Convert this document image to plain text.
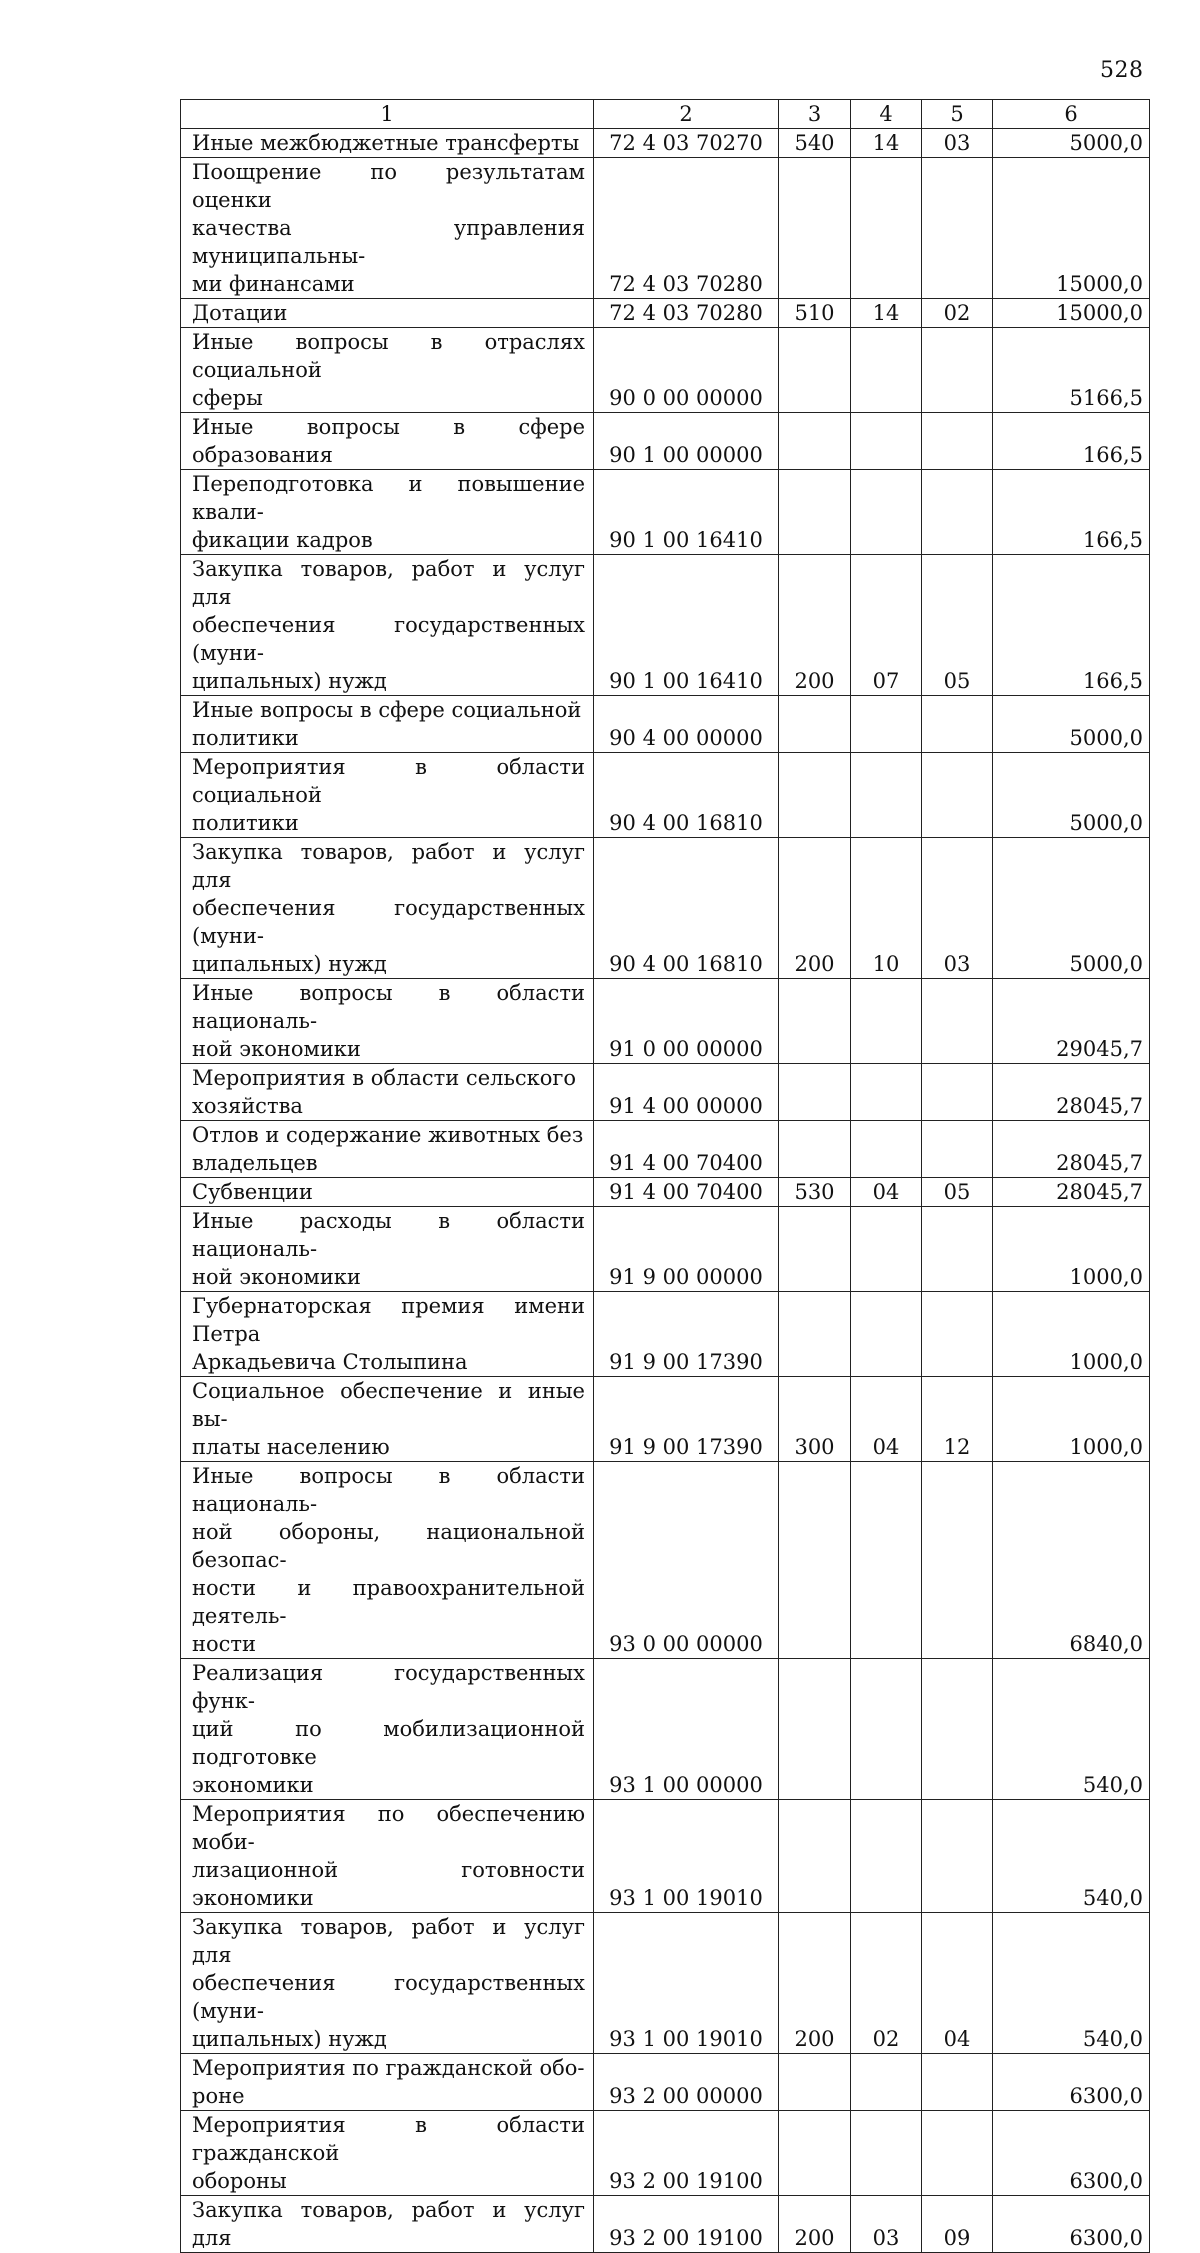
528
1	2	3	4	5	6

Иные межбюджетные трансферты	72 4 03 70270	540	14	03	5000,0

Поощрение по результатам оценки
качества управления муниципальны-
ми финансами	72 4 03 70280				15000,0

Дотации	72 4 03 70280	510	14	02	15000,0

Иные вопросы в отраслях социальной
сферы	90 0 00 00000				5166,5

Иные вопросы в сфере образования	90 1 00 00000				166,5

Переподготовка и повышение квали-
фикации кадров	90 1 00 16410				166,5

Закупка товаров, работ и услуг для
обеспечения государственных (муни-
ципальных) нужд	90 1 00 16410	200	07	05	166,5

Иные вопросы в сфере социальной
политики	90 4 00 00000				5000,0

Мероприятия в области социальной
политики	90 4 00 16810				5000,0

Закупка товаров, работ и услуг для
обеспечения государственных (муни-
ципальных) нужд	90 4 00 16810	200	10	03	5000,0

Иные вопросы в области националь-
ной экономики	91 0 00 00000				29045,7

Мероприятия в области сельского
хозяйства	91 4 00 00000				28045,7

Отлов и содержание животных без
владельцев	91 4 00 70400				28045,7

Субвенции	91 4 00 70400	530	04	05	28045,7

Иные расходы в области националь-
ной экономики	91 9 00 00000				1000,0

Губернаторская премия имени Петра
Аркадьевича Столыпина	91 9 00 17390				1000,0

Социальное обеспечение и иные вы-
платы населению	91 9 00 17390	300	04	12	1000,0

Иные вопросы в области националь-
ной обороны, национальной безопас-
ности и правоохранительной деятель-
ности	93 0 00 00000				6840,0

Реализация государственных функ-
ций по мобилизационной подготовке
экономики	93 1 00 00000				540,0

Мероприятия по обеспечению моби-
лизационной готовности экономики	93 1 00 19010				540,0

Закупка товаров, работ и услуг для
обеспечения государственных (муни-
ципальных) нужд	93 1 00 19010	200	02	04	540,0

Мероприятия по гражданской обо-
роне	93 2 00 00000				6300,0

Мероприятия в области гражданской
обороны	93 2 00 19100				6300,0

Закупка товаров, работ и услуг для	93 2 00 19100	200	03	09	6300,0
